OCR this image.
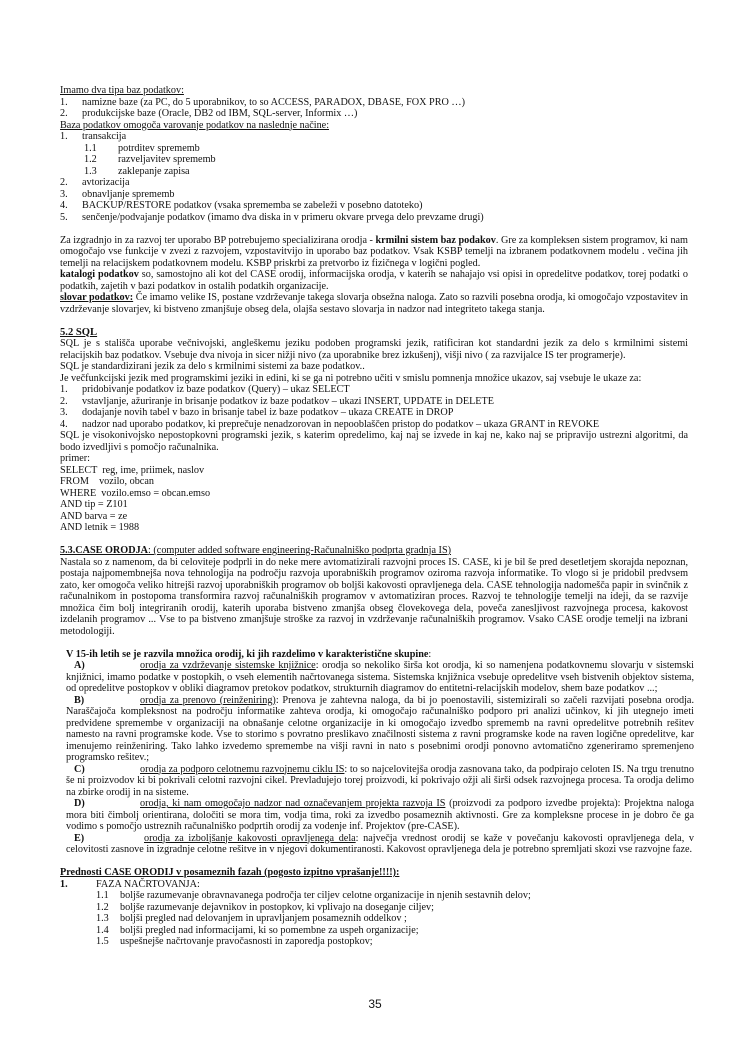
Imamo dva tipa baz podatkov:
1. namizne baze (za PC, do 5 uporabnikov, to so ACCESS, PARADOX, DBASE, FOX PRO …)
2. produkcijske baze (Oracle, DB2 od IBM, SQL-server, Informix …)
Baza podatkov omogoča varovanje podatkov na naslednje načine:
1. transakcija
1.1 potrditev sprememb
1.2 razveljavitev sprememb
1.3 zaklepanje zapisa
2. avtorizacija
3. obnavljanje sprememb
4. BACKUP/RESTORE podatkov (vsaka sprememba se zabeleži v posebno datoteko)
5. senčenje/podvajanje podatkov (imamo dva diska in v primeru okvare prvega delo prevzame drugi)
Za izgradnjo in za razvoj ter uporabo BP potrebujemo specializirana orodja - krmilni sistem baz podakov. Gre za kompleksen sistem programov, ki nam omogočajo vse funkcije v zvezi z razvojem, vzpostavitvijo in uporabo baz podatkov. Vsak KSBP temelji na izbranem podatkovnem modelu . večina jih temelji na relacijskem podatkovnem modelu. KSBP priskrbi za pretvorbo iz fizičnega v logični pogled.
katalogi podatkov so, samostojno ali kot del CASE orodij, informacijska orodja, v katerih se nahajajo vsi opisi in opredelitve podatkov, torej podatki o podatkih, zajetih v bazi podatkov in ostalih podatkih organizacije.
slovar podatkov: Če imamo velike IS, postane vzdrževanje takega slovarja obsežna naloga. Zato so razvili posebna orodja, ki omogočajo vzpostavitev in vzdrževanje slovarjev, ki bistveno zmanjšuje obseg dela, olajša sestavo slovarja in nadzor nad integriteto takega stanja.
5.2 SQL
SQL je s stališča uporabe večnivojski, angleškemu jeziku podoben programski jezik, ratificiran kot standardni jezik za delo s krmilnimi sistemi relacijskih baz podatkov. Vsebuje dva nivoja in sicer nižji nivo (za uporabnike brez izkušenj), višji nivo ( za razvijalce IS ter programerje).
SQL je standardizirani jezik za delo s krmilnimi sistemi za baze podatkov..
Je večfunkcijski jezik med programskimi jeziki in edini, ki se ga ni potrebno učiti v smislu pomnenja množice ukazov, saj vsebuje le ukaze za:
1. pridobivanje podatkov iz baze podatkov (Query) – ukaz SELECT
2. vstavljanje, ažuriranje in brisanje podatkov iz baze podatkov – ukazi INSERT, UPDATE in DELETE
3. dodajanje novih tabel v bazo in brisanje tabel iz baze podatkov – ukaza CREATE in DROP
4. nadzor nad uporabo podatkov, ki preprečuje nenadzorovan in nepooblaščen pristop do podatkov – ukaza GRANT in REVOKE
SQL je visokonivojsko nepostopkovni programski jezik, s katerim opredelimo, kaj naj se izvede in kaj ne, kako naj se pripravijo ustrezni algoritmi, da bodo izvedljivi s pomočjo računalnika.
primer:
SELECT  reg, ime, priimek, naslov
FROM    vozilo, obcan
WHERE  vozilo.emso = obcan.emso
AND tip = Z101
AND barva = ze
AND letnik = 1988
5.3.CASE ORODJA: (computer added software engineering-Računalniško podprta gradnja IS)
Nastala so z namenom, da bi celoviteje podprli in do neke mere avtomatizirali razvojni proces IS. CASE, ki je bil še pred desetletjem skorajda nepoznan, postaja najpomembnejša nova tehnologija na področju razvoja uporabniških programov oziroma razvoja informatike. To vlogo si je pridobil predvsem zato, ker omogoča veliko hitrejši razvoj uporabniških programov ob boljši kakovosti opravljenega dela. CASE tehnologija nadomešča papir in svinčnik z računalnikom in postopoma transformira razvoj računalniških programov v avtomatiziran proces. Razvoj te tehnologije temelji na ideji, da se razvije množica čim bolj integriranih orodij, katerih uporaba bistveno zmanjša obseg človekovega dela, poveča zanesljivost razvojnega procesa, kakovost izdelanih programov ... Vse to pa bistveno zmanjšuje stroške za razvoj in vzdrževanje računalniških programov. Vsako CASE orodje temelji na izbrani metodologiji.
V 15-ih letih se je razvila množica orodij, ki jih razdelimo v karakteristične skupine:
A)	orodja za vzdrževanje sistemske knjižnice: orodja so nekoliko širša kot orodja, ki so namenjena podatkovnemu slovarju v sistemski knjižnici, imamo podatke v postopkih, o vseh elementih načrtovanega sistema. Sistemska knjižnica vsebuje opredelitve vseh bistvenih objektov sistema, od opredelitve postopkov v obliki diagramov pretokov podatkov, strukturnih diagramov do entitetni-relacijskih modelov, shem baze podatkov ...;
B)	orodja za prenovo (reinženiring): Prenova je zahtevna naloga, da bi jo poenostavili, sistemizirali so začeli razvijati posebna orodja. Naraščajoča kompleksnost na področju informatike zahteva orodja, ki omogočajo računalniško podporo pri analizi učinkov, ki jih utegnejo imeti predvidene spremembe v organizaciji na obnašanje celotne organizacije in ki omogočajo izvedbo sprememb na ravni opredelitve potrebnih rešitev namesto na ravni programske kode. Vse to storimo s povratno preslikavo značilnosti sistema z ravni programske kode na raven logične opredelitve, kar imenujemo reinženiring. Tako lahko izvedemo spremembe na višji ravni in nato s posebnimi orodji ponovno avtomatično zgeneriramo spremenjeno programsko rešitev.;
C)	orodja za podporo celotnemu razvojnemu ciklu IS: to so najcelovitejša orodja zasnovana tako, da podpirajo celoten IS. Na trgu trenutno še ni proizvodov ki bi pokrivali celotni razvojni cikel. Prevladujejo torej proizvodi, ki pokrivajo ožji ali širši odsek razvojnega procesa. Ta orodja delimo na zbirke orodij in na sisteme.
D)	orodja, ki nam omogočajo nadzor nad označevanjem projekta razvoja IS (proizvodi za podporo izvedbe projekta): Projektna naloga mora biti čimbolj orientirana, določiti se mora tim, vodja tima, roki za izvedbo posameznih aktivnosti. Gre za kompleksne procese in je dobro če ga vodimo s pomočjo ustreznih računalniško podprtih orodij za vodenje inf. Projektov (pre-CASE).
E)	orodja za izboljšanje kakovosti opravljenega dela: največja vrednost orodij se kaže v povečanju kakovosti opravljenega dela, v celovitosti zasnove in izgradnje celotne rešitve in v njegovi dokumentiranosti. Kakovost opravljenega dela je potrebno spremljati skozi vse razvojne faze.
Prednosti CASE ORODIJ v posameznih fazah (pogosto izpitno vprašanje!!!!):
1.	FAZA NAČRTOVANJA:
1.1 boljše razumevanje obravnavanega področja ter ciljev celotne organizacije in njenih sestavnih delov;
1.2 boljše razumevanje dejavnikov in postopkov, ki vplivajo na doseganje ciljev;
1.3 boljši pregled nad delovanjem in upravljanjem posameznih oddelkov ;
1.4 boljši pregled nad informacijami, ki so pomembne za uspeh organizacije;
1.5 uspešnejše načrtovanje pravočasnosti in zaporedja postopkov;
35
